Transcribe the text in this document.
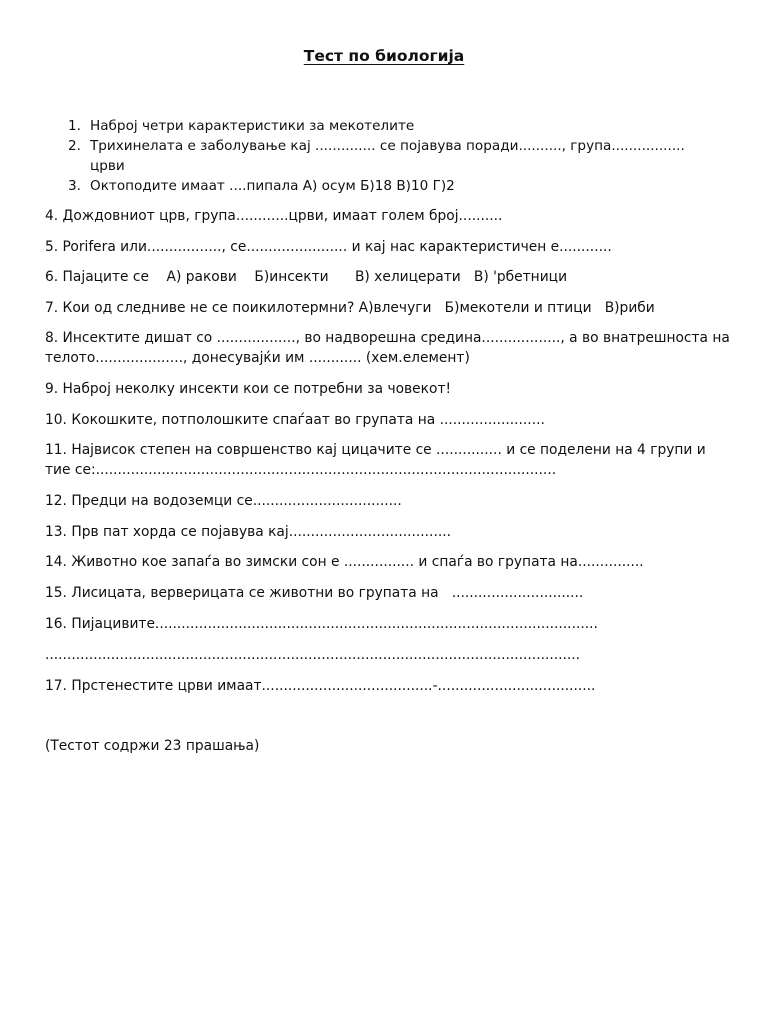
Тест по биологија
1. Наброј четри карактеристики за мекотелите
2. Трихинелата е заболување кај .............. се појавува поради.........., група................. црви
3. Октоподите имаат ....пипала А) осум Б)18 В)10 Г)2
4. Дождовниот црв, група............црви, имаат голем број..........
5. Porifera или................., се....................... и кај нас карактеристичен е............
6. Пајаците се    А) ракови    Б)инсекти      В) хелицерати   В) 'рбетници
7. Кои од следниве не се поикилотермни? А)влечуги   Б)мекотели и птици   В)риби
8. Инсектите дишат со .................., во надворешна средина.................., а во внатрешноста на телото...................., донесувајќи им ............ (хем.елемент)
9. Наброј неколку инсекти кои се потребни за човекот!
10. Кокошките, потполошките спаѓаат во групата на ........................
11. Највисок степен на совршенство кај цицачите се ............... и се поделени на 4 групи и тие се:.........................................................................................................
12. Предци на водоземци се..................................
13. Прв пат хорда се појавува кај.....................................
14. Животно кое запаѓа во зимски сон е ................ и спаѓа во групата на...............
15. Лисицата, верверицата се животни во групата на   ..............................
16. Пијацивите.....................................................................................................
..........................................................................................................................
17. Прстенестите црви имаат.......................................-....................................
(Тестот содржи 23 прашања)
